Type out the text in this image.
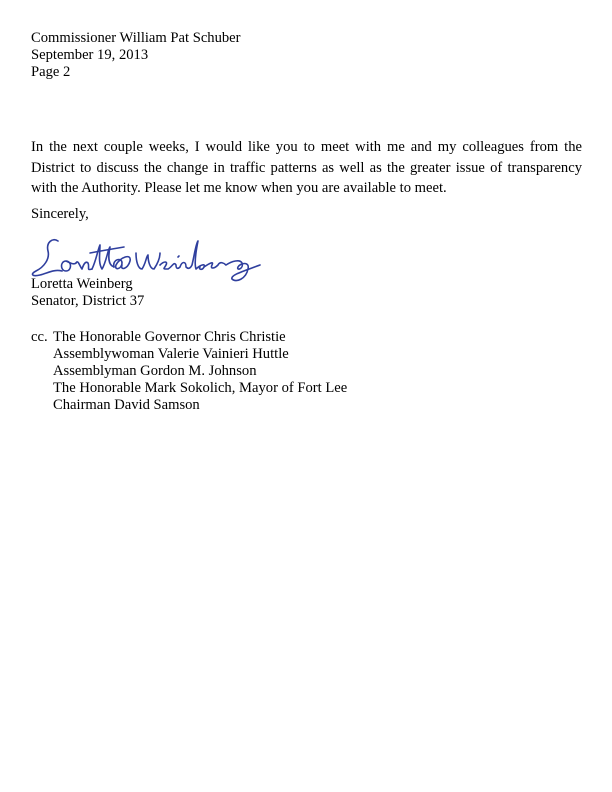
Commissioner William Pat Schuber
September 19, 2013
Page 2
In the next couple weeks, I would like you to meet with me and my colleagues from the District to discuss the change in traffic patterns as well as the greater issue of transparency with the Authority. Please let me know when you are available to meet.
Sincerely,
Loretta Weinberg
Senator, District 37
cc. The Honorable Governor Chris Christie
Assemblywoman Valerie Vainieri Huttle
Assemblyman Gordon M. Johnson
The Honorable Mark Sokolich, Mayor of Fort Lee
Chairman David Samson
